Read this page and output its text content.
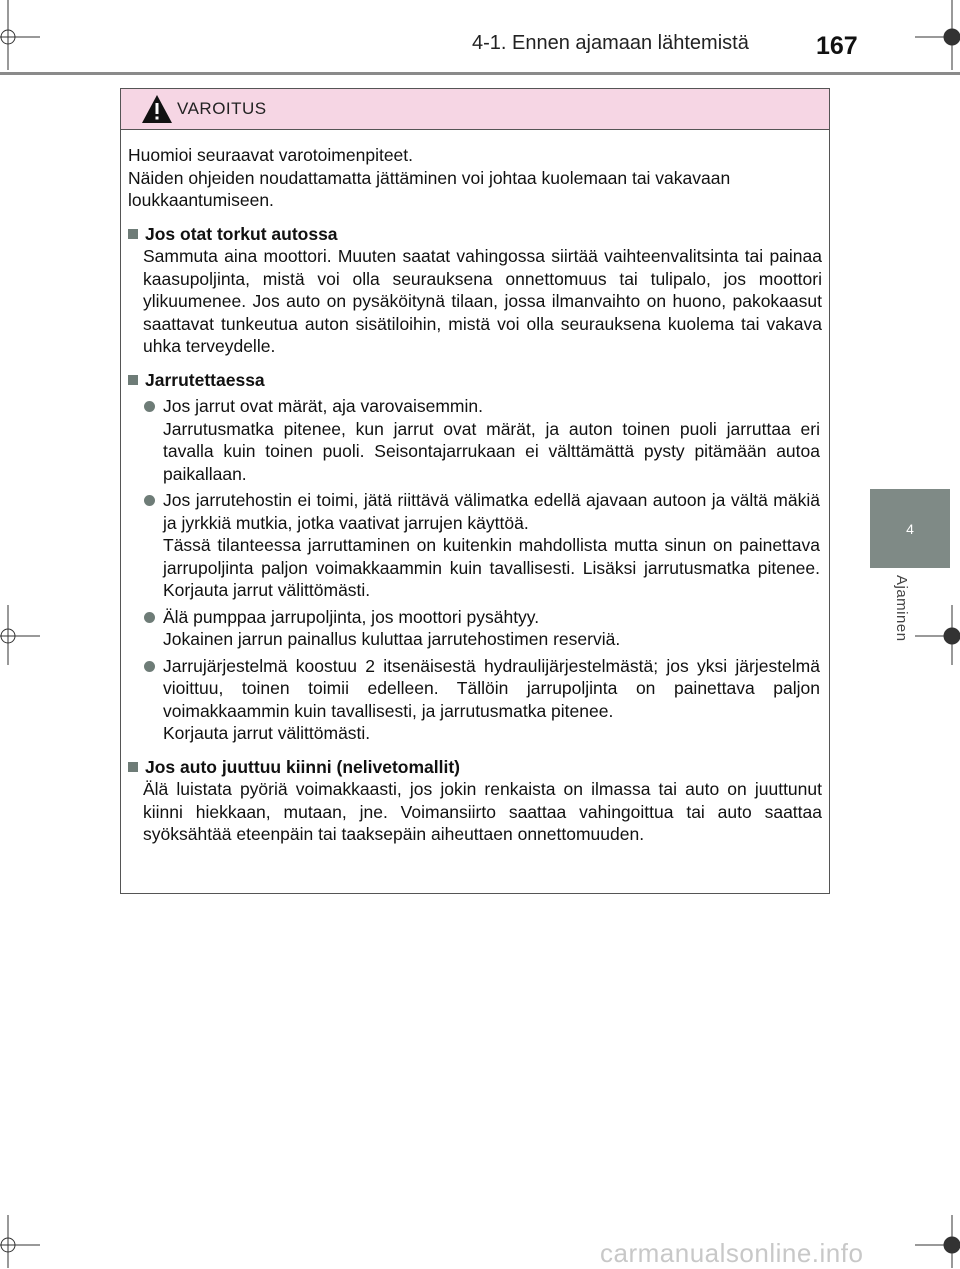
4-1. Ennen ajamaan lähtemistä	167
4
Ajaminen
VAROITUS

Huomioi seuraavat varotoimenpiteet.

Näiden ohjeiden noudattamatta jättäminen voi johtaa kuolemaan tai vakavaan loukkaantumiseen.

Jos otat torkut autossa
Sammuta aina moottori. Muuten saatat vahingossa siirtää vaihteenvalitsinta tai painaa kaasupoljinta, mistä voi olla seurauksena onnettomuus tai tulipalo, jos moottori ylikuumenee. Jos auto on pysäköitynä tilaan, jossa ilmanvaihto on huono, pakokaasut saattavat tunkeutua auton sisätiloihin, mistä voi olla seurauksena kuolema tai vakava uhka terveydelle.
Jarrutettaessa

Jos jarrut ovat märät, aja varovaisemmin.

Jarrutusmatka pitenee, kun jarrut ovat märät, ja auton toinen puoli jarruttaa eri tavalla kuin toinen puoli. Seisontajarrukaan ei välttämättä pysty pitämään autoa paikallaan.

Jos jarrutehostin ei toimi, jätä riittävä välimatka edellä ajavaan autoon ja vältä mäkiä ja jyrkkiä mutkia, jotka vaativat jarrujen käyttöä.

Tässä tilanteessa jarruttaminen on kuitenkin mahdollista mutta sinun on painettava jarrupoljinta paljon voimakkaammin kuin tavallisesti. Lisäksi jarrutusmatka pitenee. Korjauta jarrut välittömästi.

Älä pumppaa jarrupoljinta, jos moottori pysähtyy.

Jokainen jarrun painallus kuluttaa jarrutehostimen reserviä.

Jarrujärjestelmä koostuu 2 itsenäisestä hydraulijärjestelmästä; jos yksi järjestelmä vioittuu, toinen toimii edelleen. Tällöin jarrupoljinta on painettava paljon voimakkaammin kuin tavallisesti, ja jarrutusmatka pitenee.

Korjauta jarrut välittömästi.

Jos auto juuttuu kiinni (nelivetomallit)
Älä luistata pyöriä voimakkaasti, jos jokin renkaista on ilmassa tai auto on juuttunut kiinni hiekkaan, mutaan, jne. Voimansiirto saattaa vahingoittua tai auto saattaa syöksähtää eteenpäin tai taaksepäin aiheuttaen onnettomuuden.
carmanualsonline.info
